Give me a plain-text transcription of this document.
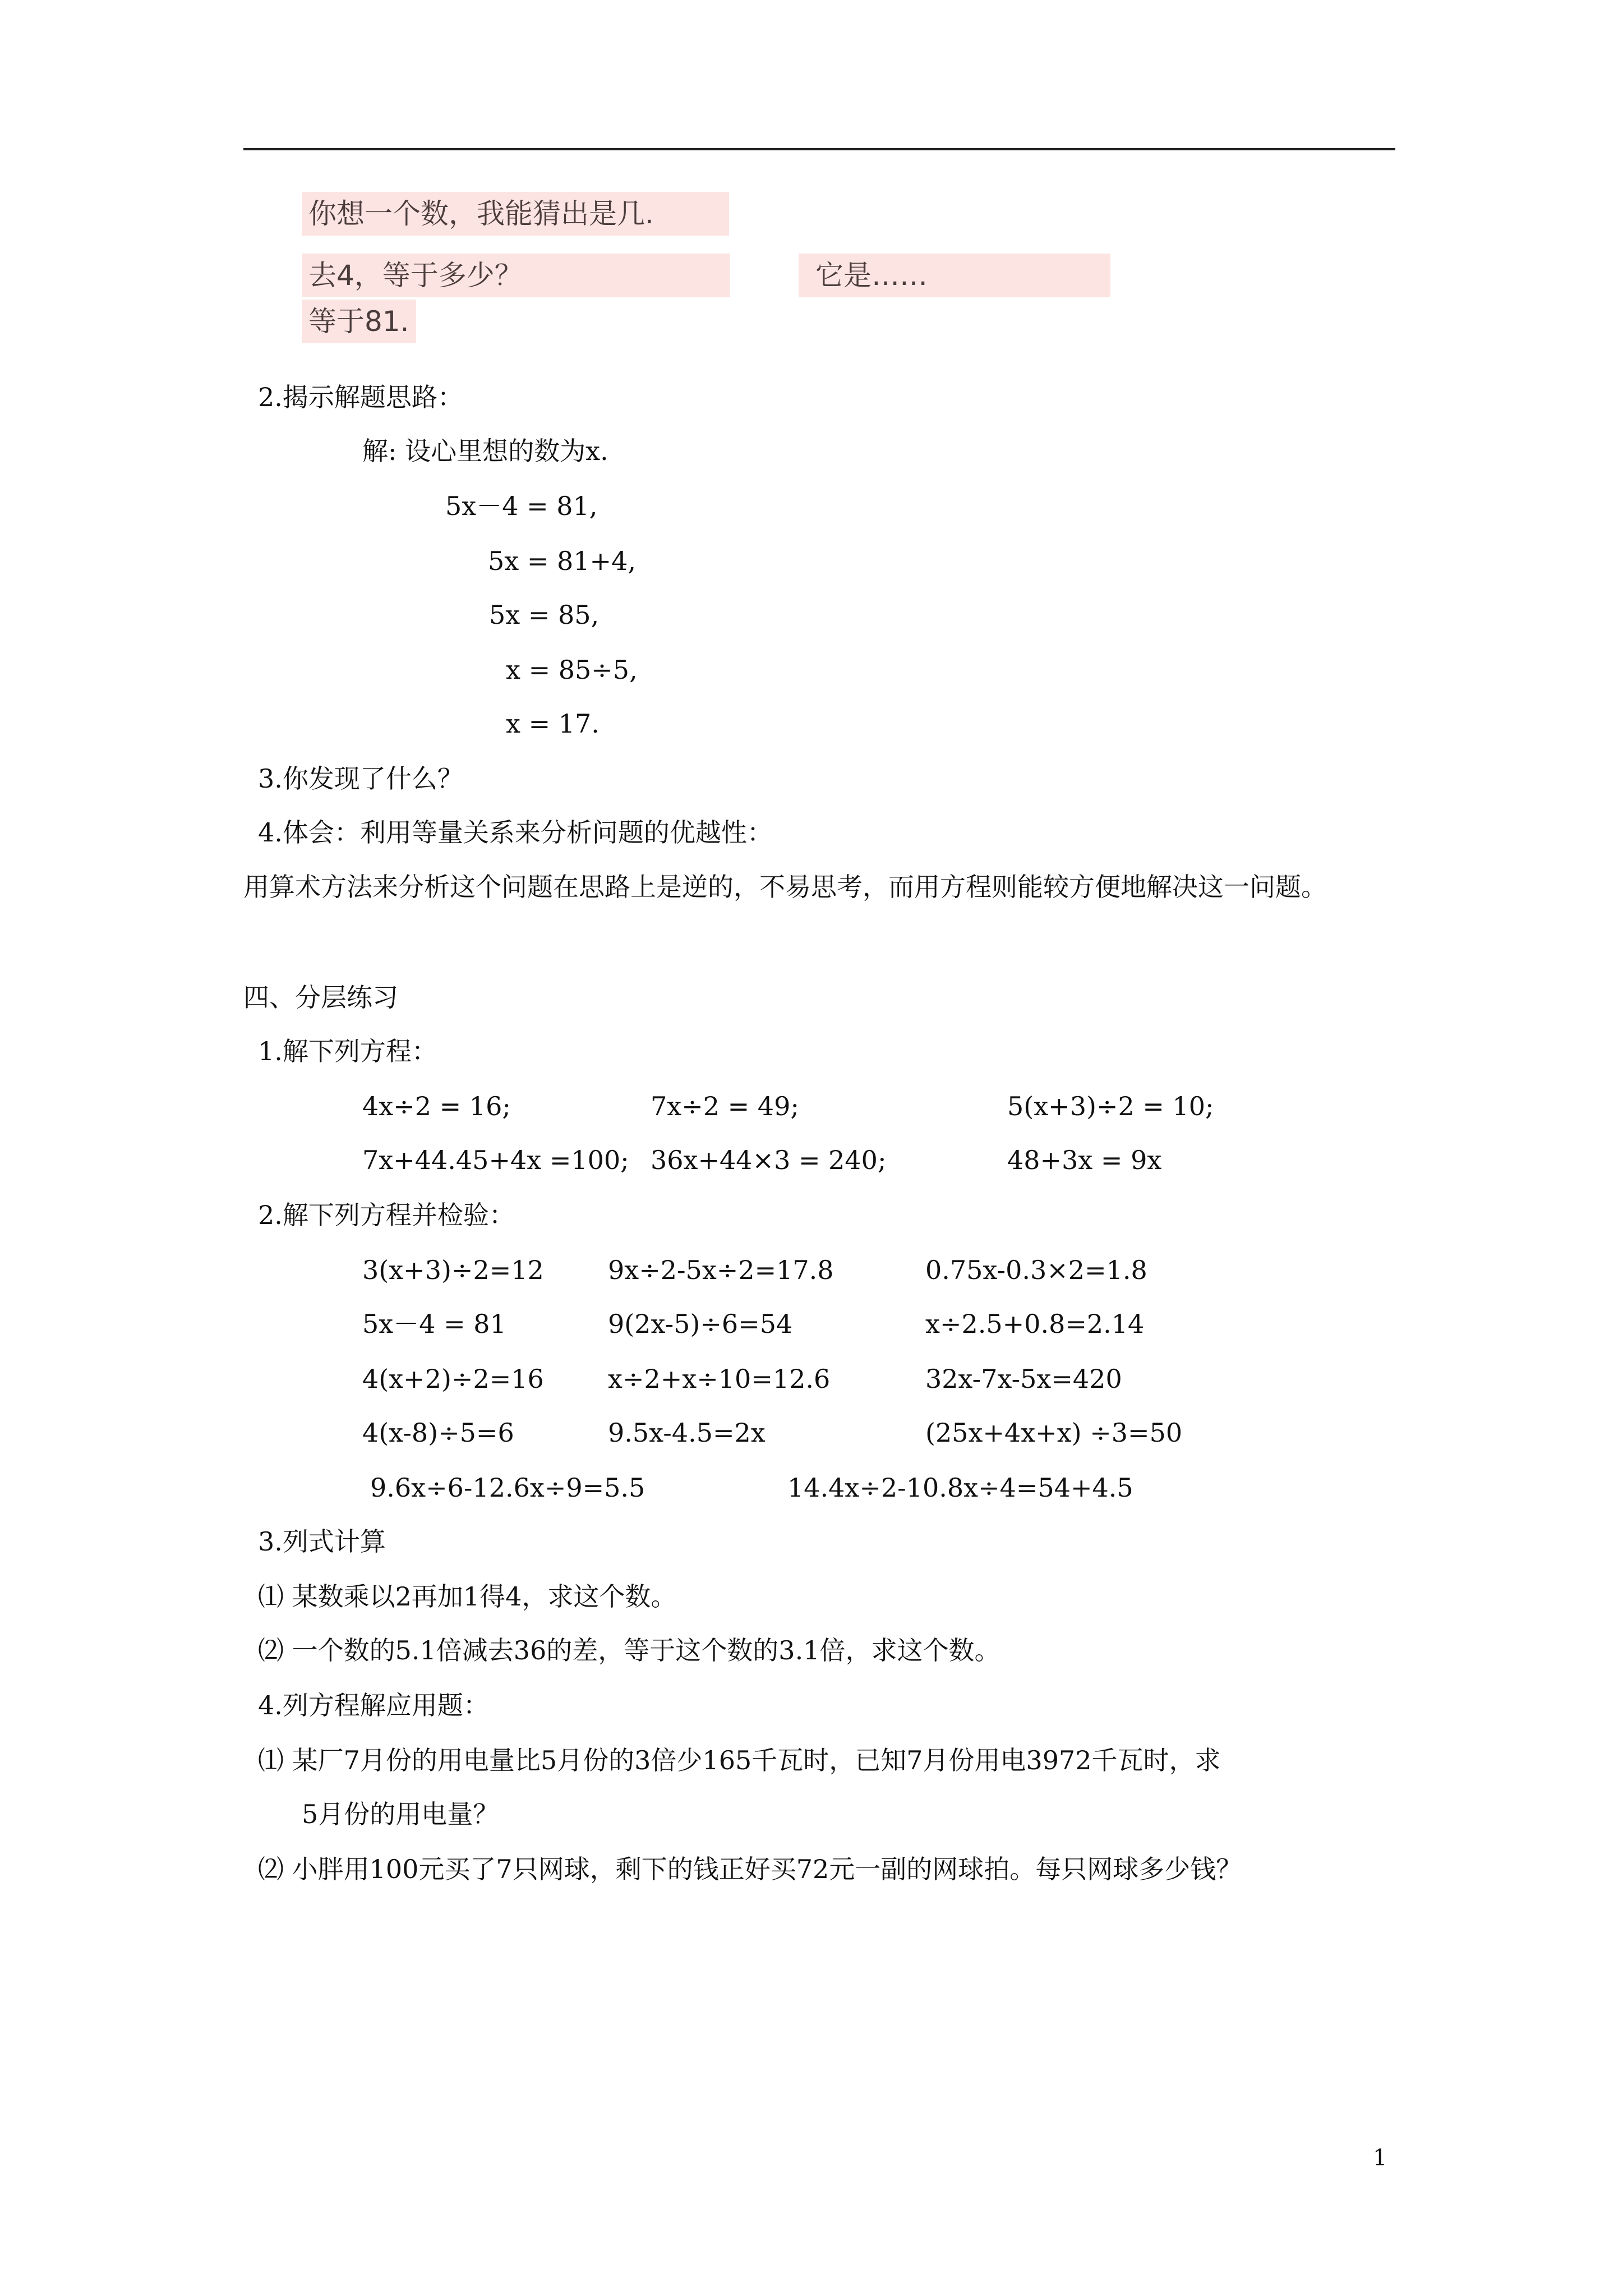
你想一个数，我能猜出是几.
去4，等于多少？	它是……
等于81.
2.揭示解题思路：
解: 设心里想的数为x.
5x－4 = 81,
5x = 81+4,
5x = 85,
x = 85÷5,
x = 17.
3.你发现了什么？
4.体会：利用等量关系来分析问题的优越性：
用算术方法来分析这个问题在思路上是逆的，不易思考，而用方程则能较方便地解决这一问题。
四、分层练习
1.解下列方程：
4x÷2 = 16;	7x÷2 = 49;	5(x+3)÷2 = 10;
7x+44.45+4x =100; 36x+44×3 = 240;	48+3x = 9x
2.解下列方程并检验：
3(x+3)÷2=12 9x÷2-5x÷2=17.8	0.75x-0.3×2=1.8
5x－4 = 81	9(2x-5)÷6=54	x÷2.5+0.8=2.14
4(x+2)÷2=16 x÷2+x÷10=12.6	32x-7x-5x=420
4(x-8)÷5=6	9.5x-4.5=2x	(25x+4x+x) ÷3=50
9.6x÷6-12.6x÷9=5.5	14.4x÷2-10.8x÷4=54+4.5
3.列式计算
⑴ 某数乘以2再加1得4，求这个数。
⑵ 一个数的5.1倍减去36的差，等于这个数的3.1倍，求这个数。
4.列方程解应用题：
⑴ 某厂7月份的用电量比5月份的3倍少165千瓦时，已知7月份用电3972千瓦时，求
5月份的用电量？
⑵ 小胖用100元买了7只网球，剩下的钱正好买72元一副的网球拍。每只网球多少钱？
1
